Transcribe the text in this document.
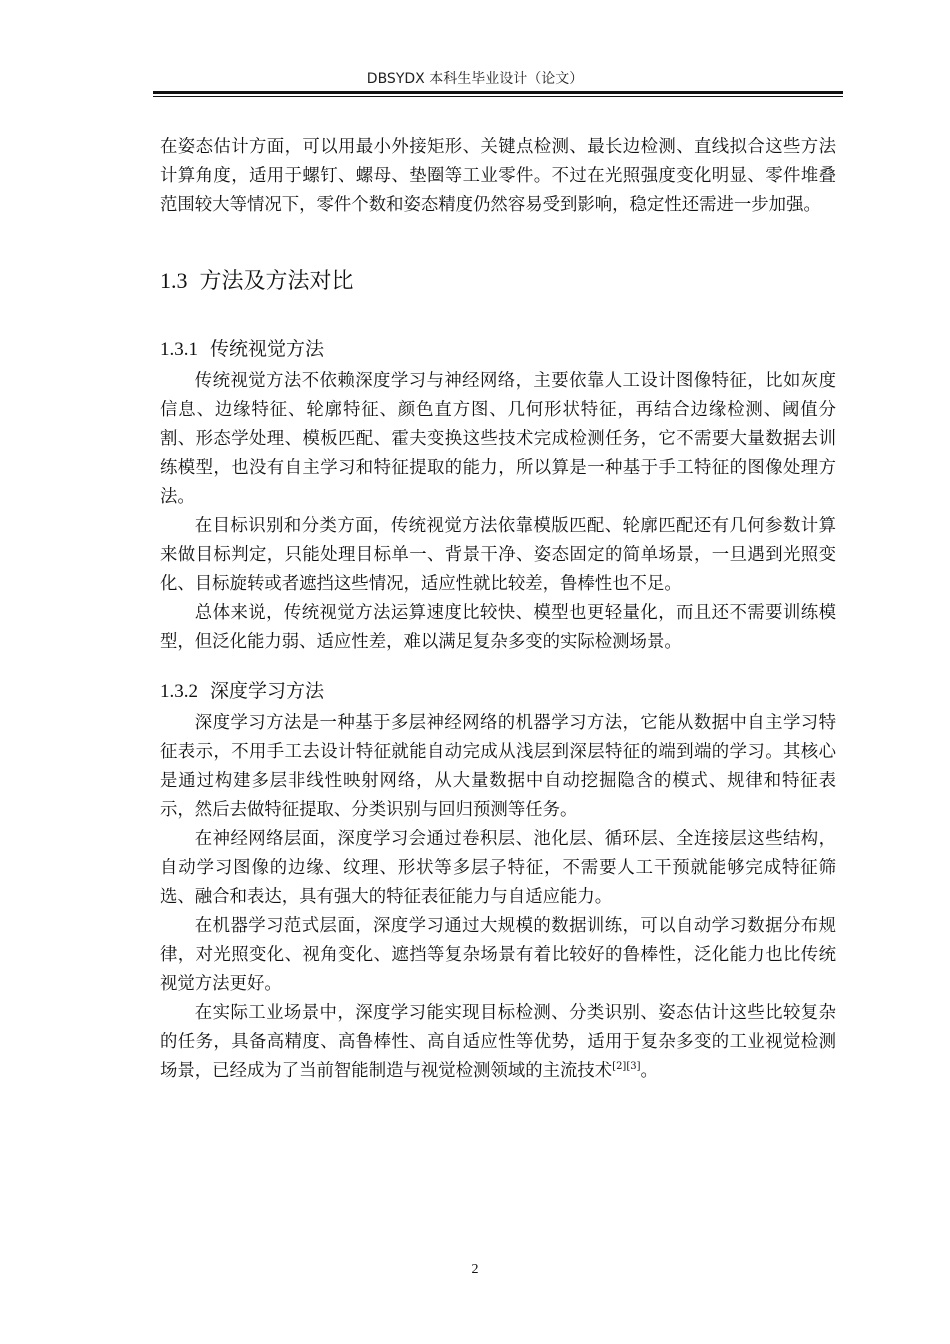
DBSYDX 本科生毕业设计（论文）

在姿态估计方面，可以用最小外接矩形、关键点检测、最长边检测、直线拟合这些方法计算角度，适用于螺钉、螺母、垫圈等工业零件。不过在光照强度变化明显、零件堆叠范围较大等情况下，零件个数和姿态精度仍然容易受到影响，稳定性还需进一步加强。

1.3 方法及方法对比
1.3.1 传统视觉方法

传统视觉方法不依赖深度学习与神经网络，主要依靠人工设计图像特征，比如灰度信息、边缘特征、轮廓特征、颜色直方图、几何形状特征，再结合边缘检测、阈值分割、形态学处理、模板匹配、霍夫变换这些技术完成检测任务，它不需要大量数据去训练模型，也没有自主学习和特征提取的能力，所以算是一种基于手工特征的图像处理方法。

在目标识别和分类方面，传统视觉方法依靠模版匹配、轮廓匹配还有几何参数计算来做目标判定，只能处理目标单一、背景干净、姿态固定的简单场景，一旦遇到光照变化、目标旋转或者遮挡这些情况，适应性就比较差，鲁棒性也不足。

总体来说，传统视觉方法运算速度比较快、模型也更轻量化，而且还不需要训练模型，但泛化能力弱、适应性差，难以满足复杂多变的实际检测场景。

1.3.2 深度学习方法

深度学习方法是一种基于多层神经网络的机器学习方法，它能从数据中自主学习特征表示，不用手工去设计特征就能自动完成从浅层到深层特征的端到端的学习。其核心是通过构建多层非线性映射网络，从大量数据中自动挖掘隐含的模式、规律和特征表示，然后去做特征提取、分类识别与回归预测等任务。

在神经网络层面，深度学习会通过卷积层、池化层、循环层、全连接层这些结构，自动学习图像的边缘、纹理、形状等多层子特征，不需要人工干预就能够完成特征筛选、融合和表达，具有强大的特征表征能力与自适应能力。

在机器学习范式层面，深度学习通过大规模的数据训练，可以自动学习数据分布规律，对光照变化、视角变化、遮挡等复杂场景有着比较好的鲁棒性，泛化能力也比传统视觉方法更好。

在实际工业场景中，深度学习能实现目标检测、分类识别、姿态估计这些比较复杂的任务，具备高精度、高鲁棒性、高自适应性等优势，适用于复杂多变的工业视觉检测场景，已经成为了当前智能制造与视觉检测领域的主流技术[2][3]。

2
